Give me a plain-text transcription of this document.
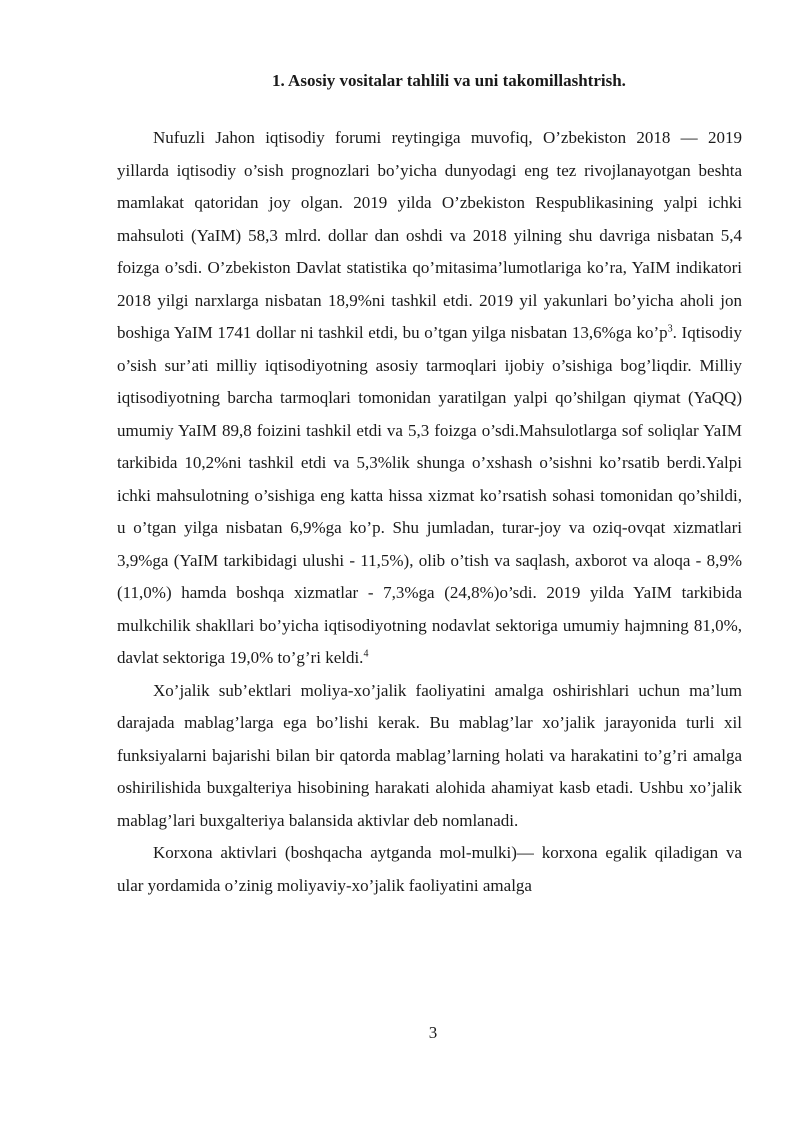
1. Asosiy vositalar tahlili va uni takomillashtrish.

Nufuzli Jahon iqtisodiy forumi reytingiga muvofiq, O’zbekiston 2018 — 2019 yillarda iqtisodiy o’sish prognozlari bo’yicha dunyodagi eng tez rivojlanayotgan beshta mamlakat qatoridan joy olgan. 2019 yilda O’zbekiston Respublikasining yalpi ichki mahsuloti (YaIM) 58,3 mlrd. dollar dan oshdi va 2018 yilning shu davriga nisbatan 5,4 foizga o’sdi. O’zbekiston Davlat statistika qo’mitasima’lumotlariga ko’ra, YaIM indikatori 2018 yilgi narxlarga nisbatan 18,9%ni tashkil etdi. 2019 yil yakunlari bo’yicha aholi jon boshiga YaIM 1741 dollar ni tashkil etdi, bu o’tgan yilga nisbatan 13,6%ga $ko’p^3$. Iqtisodiy o’sish sur’ati milliy iqtisodiyotning asosiy tarmoqlari ijobiy o’sishiga bog’liqdir. Milliy iqtisodiyotning barcha tarmoqlari tomonidan yaratilgan yalpi qo’shilgan qiymat (YaQQ) umumiy YaIM 89,8 foizini tashkil etdi va 5,3 foizga o’sdi.Mahsulotlarga sof soliqlar YaIM tarkibida 10,2%ni tashkil etdi va 5,3%lik shunga o’xshash o’sishni ko’rsatib berdi.Yalpi ichki mahsulotning o’sishiga eng katta hissa xizmat ko’rsatish sohasi tomonidan qo’shildi, u o’tgan yilga nisbatan 6,9%ga ko’p. Shu jumladan, turar-joy va oziq-ovqat xizmatlari 3,9%ga (YaIM tarkibidagi ulushi - 11,5%), olib o’tish va saqlash, axborot va aloqa - 8,9% (11,0%) hamda boshqa xizmatlar - 7,3%ga (24,8%)o’sdi. 2019 yilda YaIM tarkibida mulkchilik shakllari bo’yicha iqtisodiyotning nodavlat sektoriga umumiy hajmning 81,0%, davlat sektoriga 19,0% to’g’ri keldi.$^4$

Xo’jalik sub’ektlari moliya-xo’jalik faoliyatini amalga oshirishlari uchun ma’lum darajada mablag’larga ega bo’lishi kerak. Bu mablag’lar xo’jalik jarayonida turli xil funksiyalarni bajarishi bilan bir qatorda mablag’larning holati va harakatini to’g’ri amalga oshirilishida buxgalteriya hisobining harakati alohida ahamiyat kasb etadi. Ushbu xo’jalik mablag’lari buxgalteriya balansida aktivlar deb nomlanadi.

Korxona aktivlari (boshqacha aytganda mol-mulki)— korxona egalik qiladigan va ular yordamida o’zinig moliyaviy-xo’jalik faoliyatini amalga

3
